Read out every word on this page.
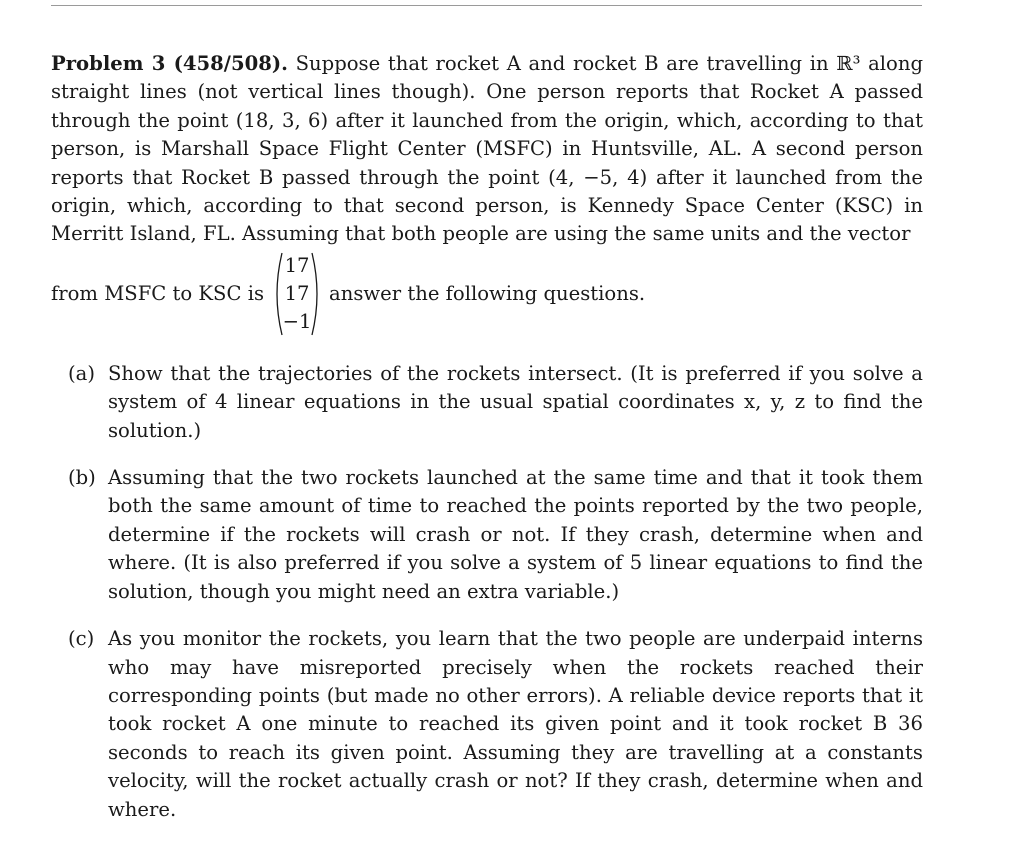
Problem 3 (458/508). Suppose that rocket A and rocket B are travelling in ℝ³ along straight lines (not vertical lines though). One person reports that Rocket A passed through the point (18, 3, 6) after it launched from the origin, which, according to that person, is Marshall Space Flight Center (MSFC) in Huntsville, AL. A second person reports that Rocket B passed through the point (4, −5, 4) after it launched from the origin, which, according to that second person, is Kennedy Space Center (KSC) in Merritt Island, FL. Assuming that both people are using the same units and the vector

from MSFC to KSC is
17
17
−1
answer the following questions.
(a) Show that the trajectories of the rockets intersect. (It is preferred if you solve a system of 4 linear equations in the usual spatial coordinates x, y, z to find the solution.)
(b) Assuming that the two rockets launched at the same time and that it took them both the same amount of time to reached the points reported by the two people, determine if the rockets will crash or not. If they crash, determine when and where. (It is also preferred if you solve a system of 5 linear equations to find the solution, though you might need an extra variable.)
(c) As you monitor the rockets, you learn that the two people are underpaid interns who may have misreported precisely when the rockets reached their corresponding points (but made no other errors). A reliable device reports that it took rocket A one minute to reached its given point and it took rocket B 36 seconds to reach its given point. Assuming they are travelling at a constants velocity, will the rocket actually crash or not? If they crash, determine when and where.
